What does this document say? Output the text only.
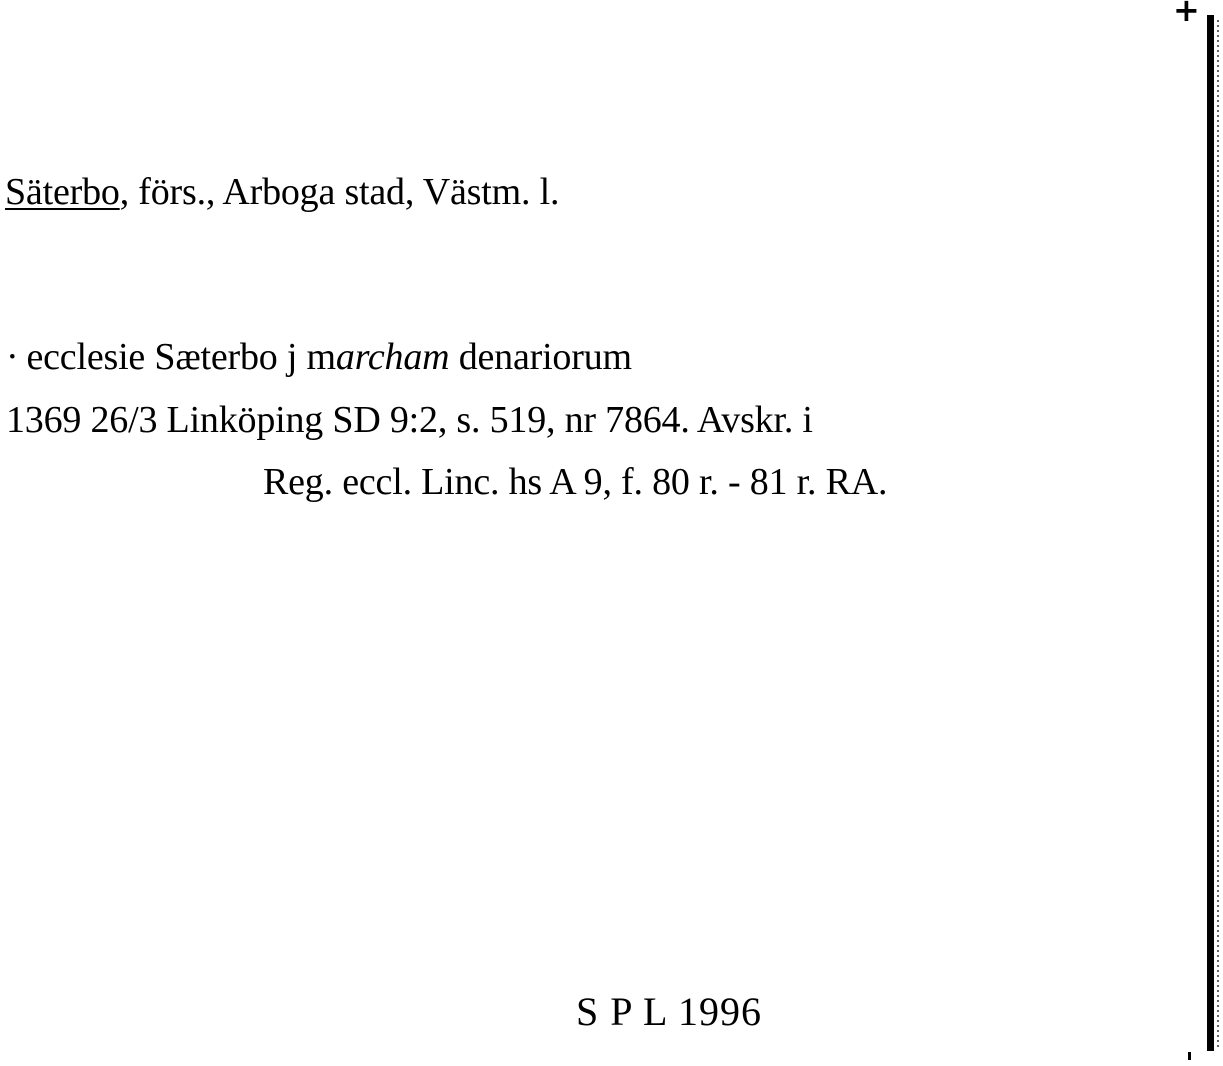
Säterbo, förs., Arboga stad, Västm. l.
· ecclesie Sæterbo j marcham denariorum
1369 26/3 Linköping SD 9:2, s. 519, nr 7864. Avskr. i
Reg. eccl. Linc. hs A 9, f. 80 r. - 81 r. RA.
S P L 1996
+
